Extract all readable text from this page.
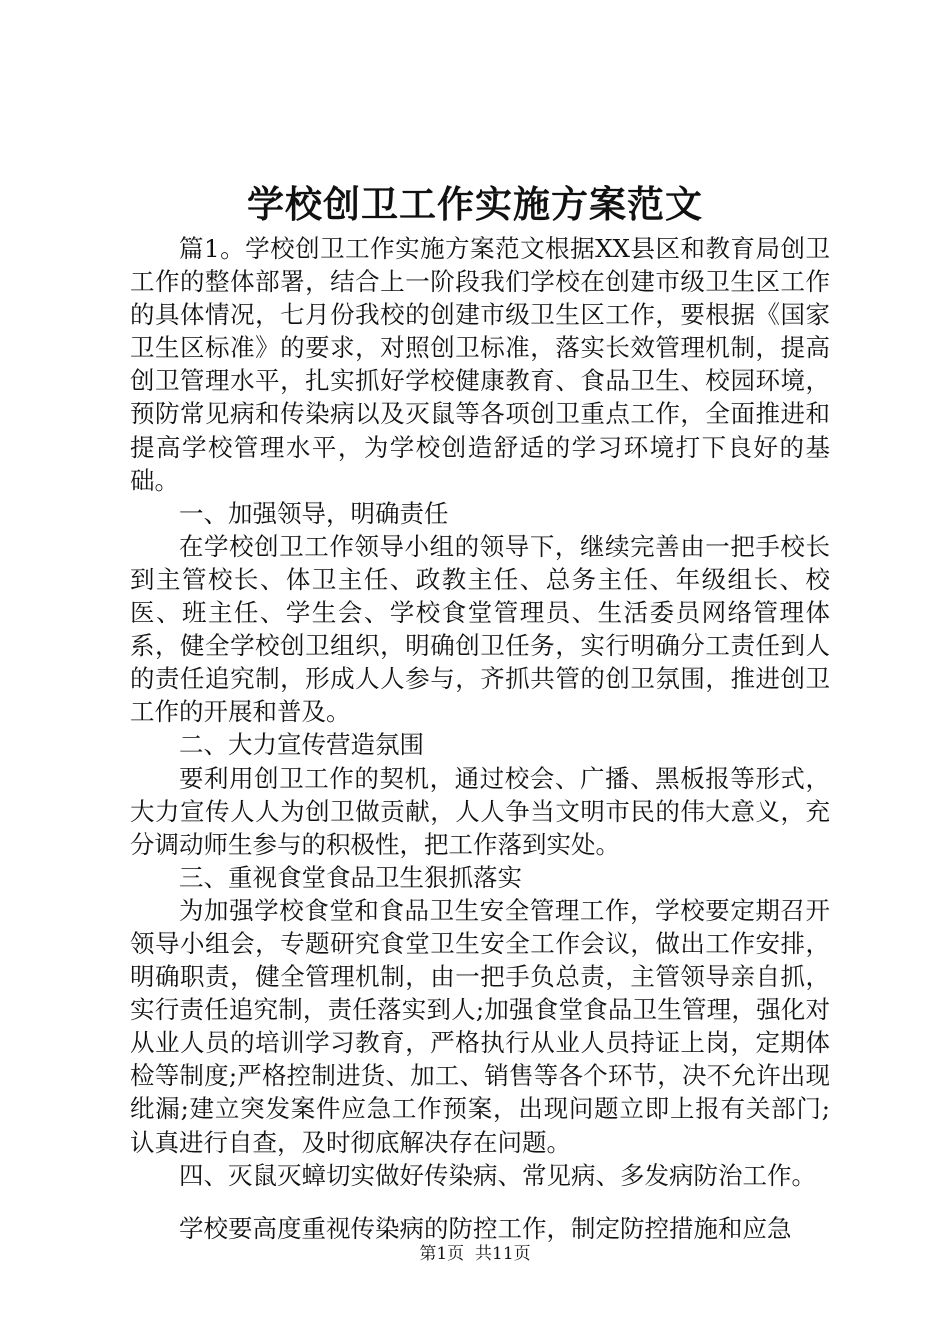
学校创卫工作实施方案范文

篇1。学校创卫工作实施方案范文根据XX县区和教育局创卫工作的整体部署，结合上一阶段我们学校在创建市级卫生区工作的具体情况，七月份我校的创建市级卫生区工作，要根据《国家卫生区标准》的要求，对照创卫标准，落实长效管理机制，提高创卫管理水平，扎实抓好学校健康教育、食品卫生、校园环境，预防常见病和传染病以及灭鼠等各项创卫重点工作，全面推进和提高学校管理水平，为学校创造舒适的学习环境打下良好的基础。

一、加强领导，明确责任

在学校创卫工作领导小组的领导下，继续完善由一把手校长到主管校长、体卫主任、政教主任、总务主任、年级组长、校医、班主任、学生会、学校食堂管理员、生活委员网络管理体系，健全学校创卫组织，明确创卫任务，实行明确分工责任到人的责任追究制，形成人人参与，齐抓共管的创卫氛围，推进创卫工作的开展和普及。

二、大力宣传营造氛围

要利用创卫工作的契机，通过校会、广播、黑板报等形式，大力宣传人人为创卫做贡献，人人争当文明市民的伟大意义，充分调动师生参与的积极性，把工作落到实处。

三、重视食堂食品卫生狠抓落实

为加强学校食堂和食品卫生安全管理工作，学校要定期召开领导小组会，专题研究食堂卫生安全工作会议，做出工作安排，明确职责，健全管理机制，由一把手负总责，主管领导亲自抓，实行责任追究制，责任落实到人;加强食堂食品卫生管理，强化对从业人员的培训学习教育，严格执行从业人员持证上岗，定期体检等制度;严格控制进货、加工、销售等各个环节，决不允许出现纰漏;建立突发案件应急工作预案，出现问题立即上报有关部门;认真进行自查，及时彻底解决存在问题。

四、灭鼠灭蟑切实做好传染病、常见病、多发病防治工作。

学校要高度重视传染病的防控工作，制定防控措施和应急

第1页 共11页
